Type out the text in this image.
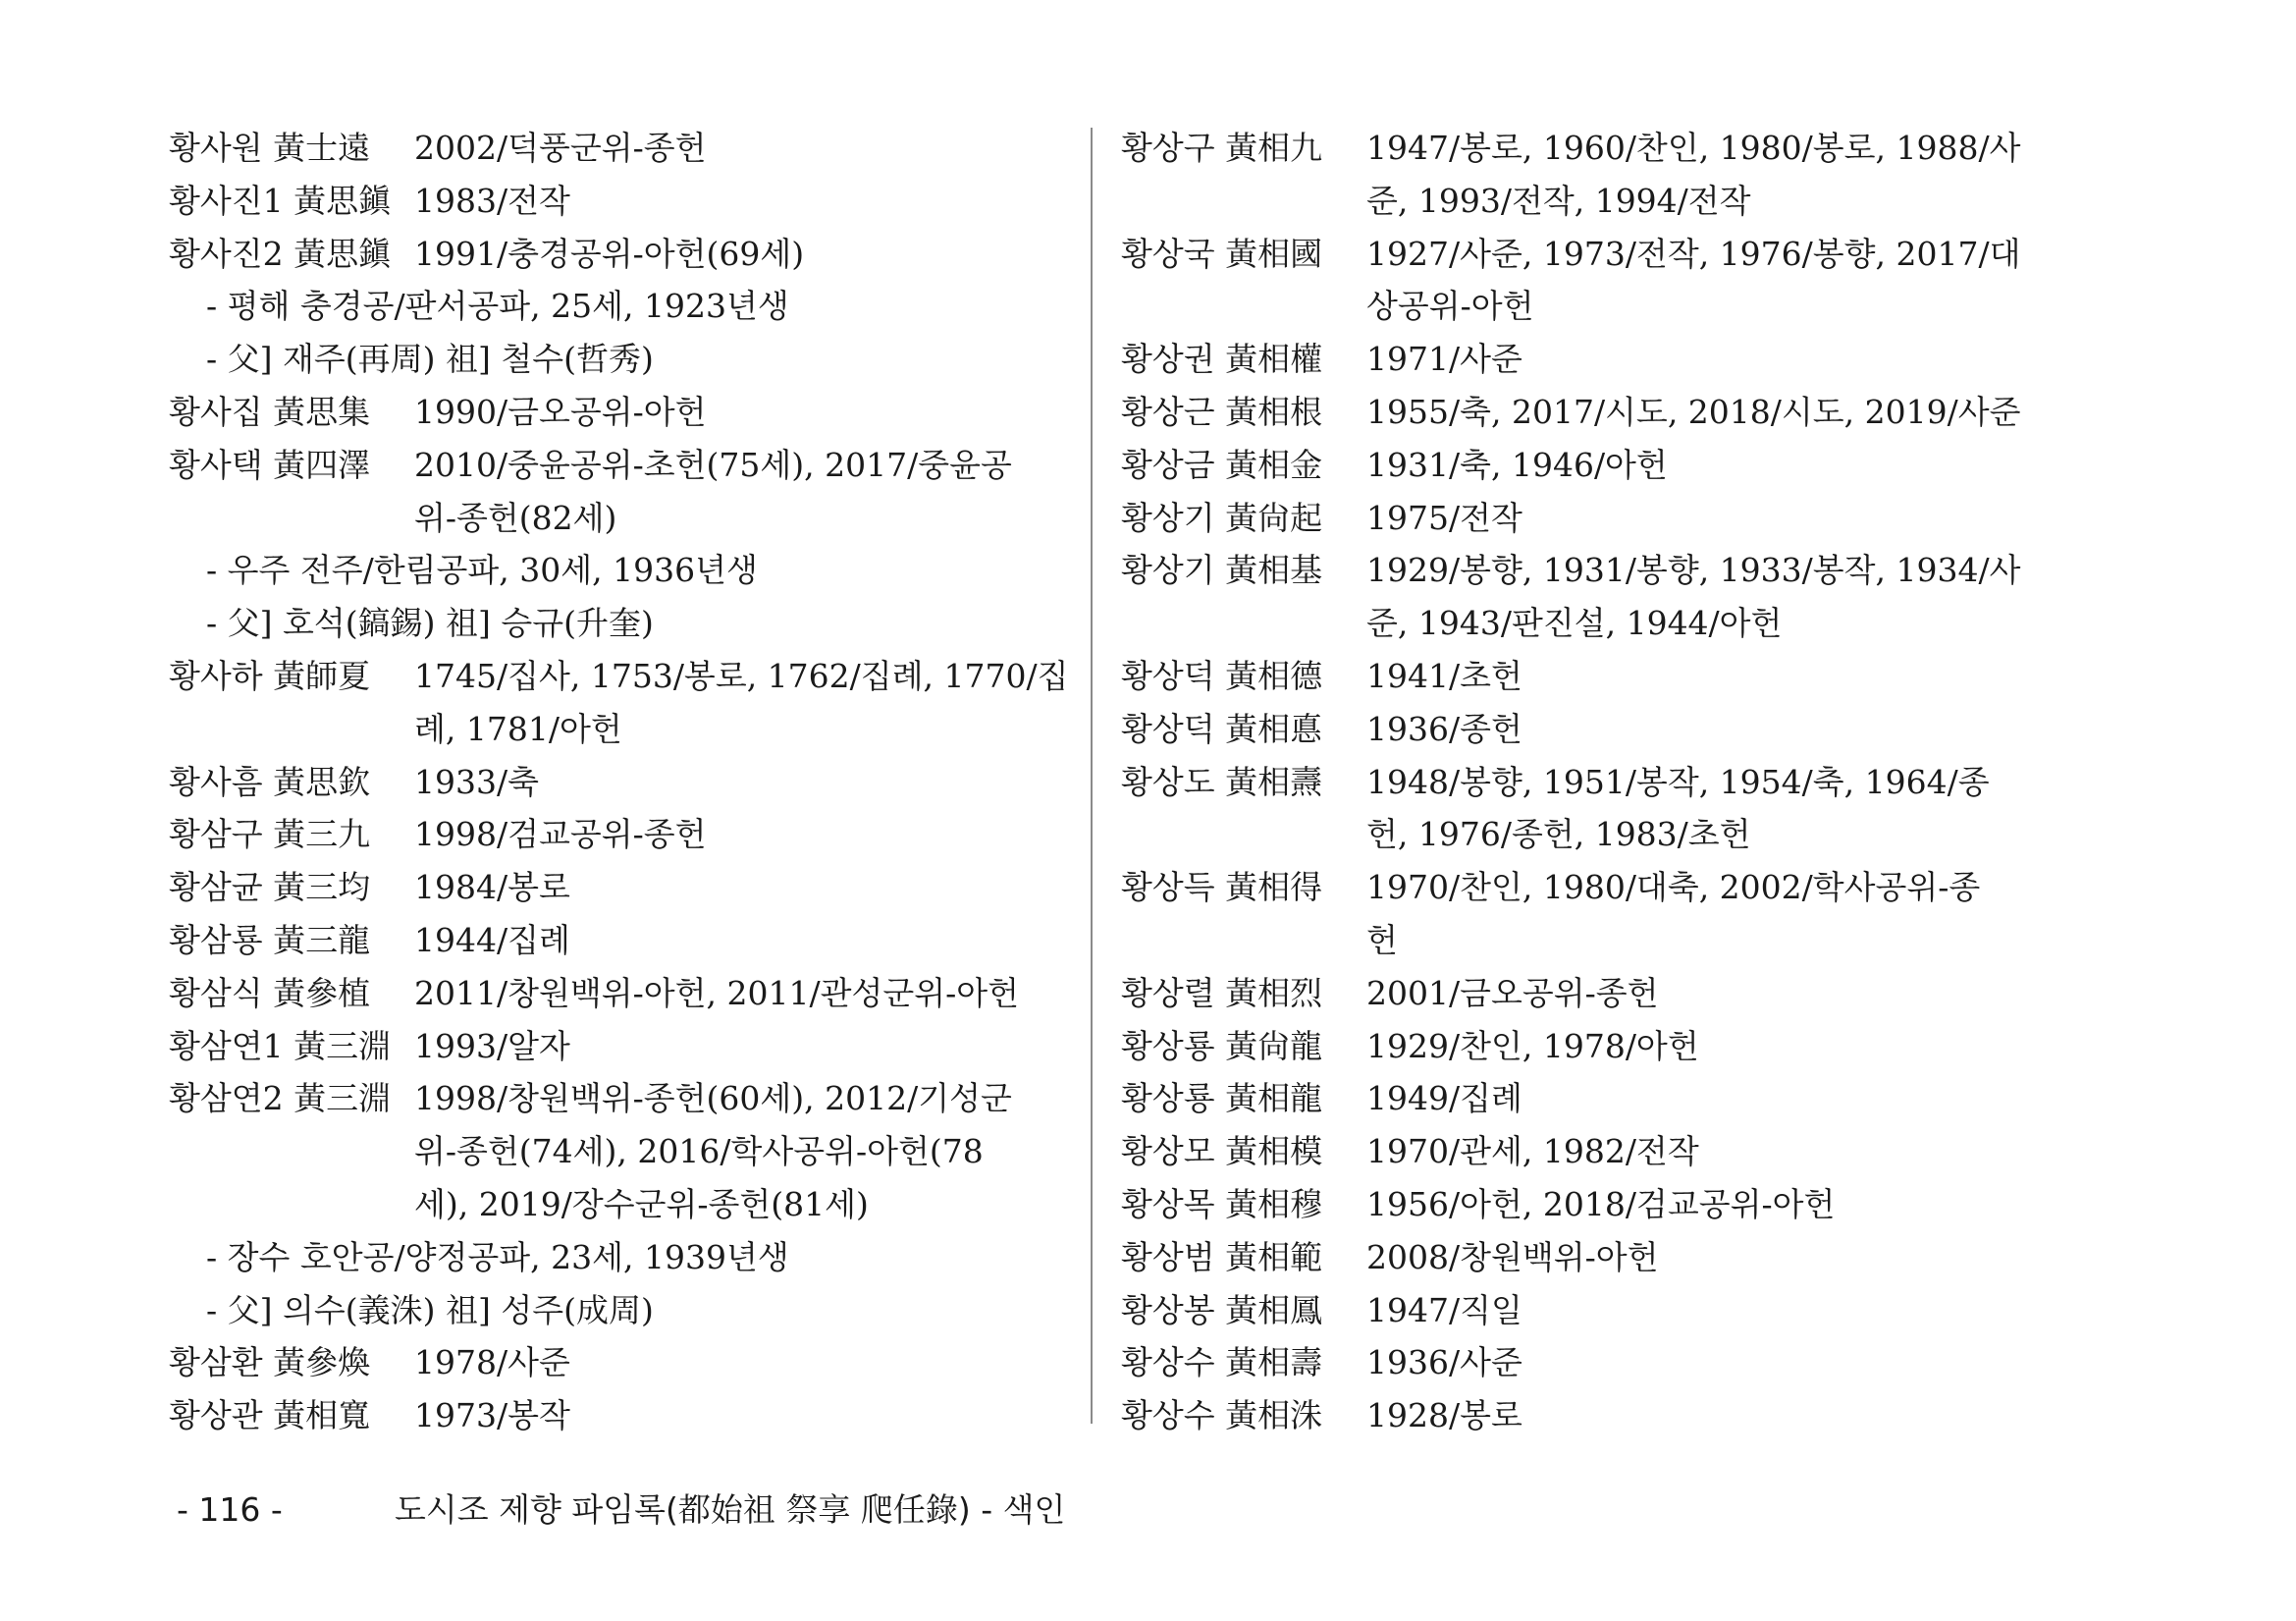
황사원 黃士遠 2002/덕풍군위-종헌
황사진1 黃思鎭 1983/전작
황사진2 黃思鎭 1991/충경공위-아헌(69세)
- 평해 충경공/판서공파, 25세, 1923년생
- 父] 재주(再周) 祖] 철수(哲秀)
황사집 黃思集 1990/금오공위-아헌
황사택 黃四澤 2010/중윤공위-초헌(75세), 2017/중윤공
위-종헌(82세)
- 우주 전주/한림공파, 30세, 1936년생
- 父] 호석(鎬錫) 祖] 승규(升奎)
황사하 黃師夏 1745/집사, 1753/봉로, 1762/집례, 1770/집
례, 1781/아헌
황사흠 黃思欽 1933/축
황삼구 黃三九 1998/검교공위-종헌
황삼균 黃三均 1984/봉로
황삼룡 黃三龍 1944/집례
황삼식 黃參植 2011/창원백위-아헌, 2011/관성군위-아헌
황삼연1 黃三淵 1993/알자
황삼연2 黃三淵 1998/창원백위-종헌(60세), 2012/기성군
위-종헌(74세), 2016/학사공위-아헌(78
세), 2019/장수군위-종헌(81세)
- 장수 호안공/양정공파, 23세, 1939년생
- 父] 의수(義洙) 祖] 성주(成周)
황삼환 黃參煥 1978/사준
황상관 黃相寬 1973/봉작
황상구 黃相九 1947/봉로, 1960/찬인, 1980/봉로, 1988/사
준, 1993/전작, 1994/전작
황상국 黃相國 1927/사준, 1973/전작, 1976/봉향, 2017/대
상공위-아헌
황상권 黃相權 1971/사준
황상근 黃相根 1955/축, 2017/시도, 2018/시도, 2019/사준
황상금 黃相金 1931/축, 1946/아헌
황상기 黃尙起 1975/전작
황상기 黃相基 1929/봉향, 1931/봉향, 1933/봉작, 1934/사
준, 1943/판진설, 1944/아헌
황상덕 黃相德 1941/초헌
황상덕 黃相悳 1936/종헌
황상도 黃相燾 1948/봉향, 1951/봉작, 1954/축, 1964/종
헌, 1976/종헌, 1983/초헌
황상득 黃相得 1970/찬인, 1980/대축, 2002/학사공위-종
헌
황상렬 黃相烈 2001/금오공위-종헌
황상룡 黃尙龍 1929/찬인, 1978/아헌
황상룡 黃相龍 1949/집례
황상모 黃相模 1970/관세, 1982/전작
황상목 黃相穆 1956/아헌, 2018/검교공위-아헌
황상범 黃相範 2008/창원백위-아헌
황상봉 黃相鳳 1947/직일
황상수 黃相壽 1936/사준
황상수 黃相洙 1928/봉로
- 116 -	도시조 제향 파임록(都始祖 祭享 爬任錄) - 색인
